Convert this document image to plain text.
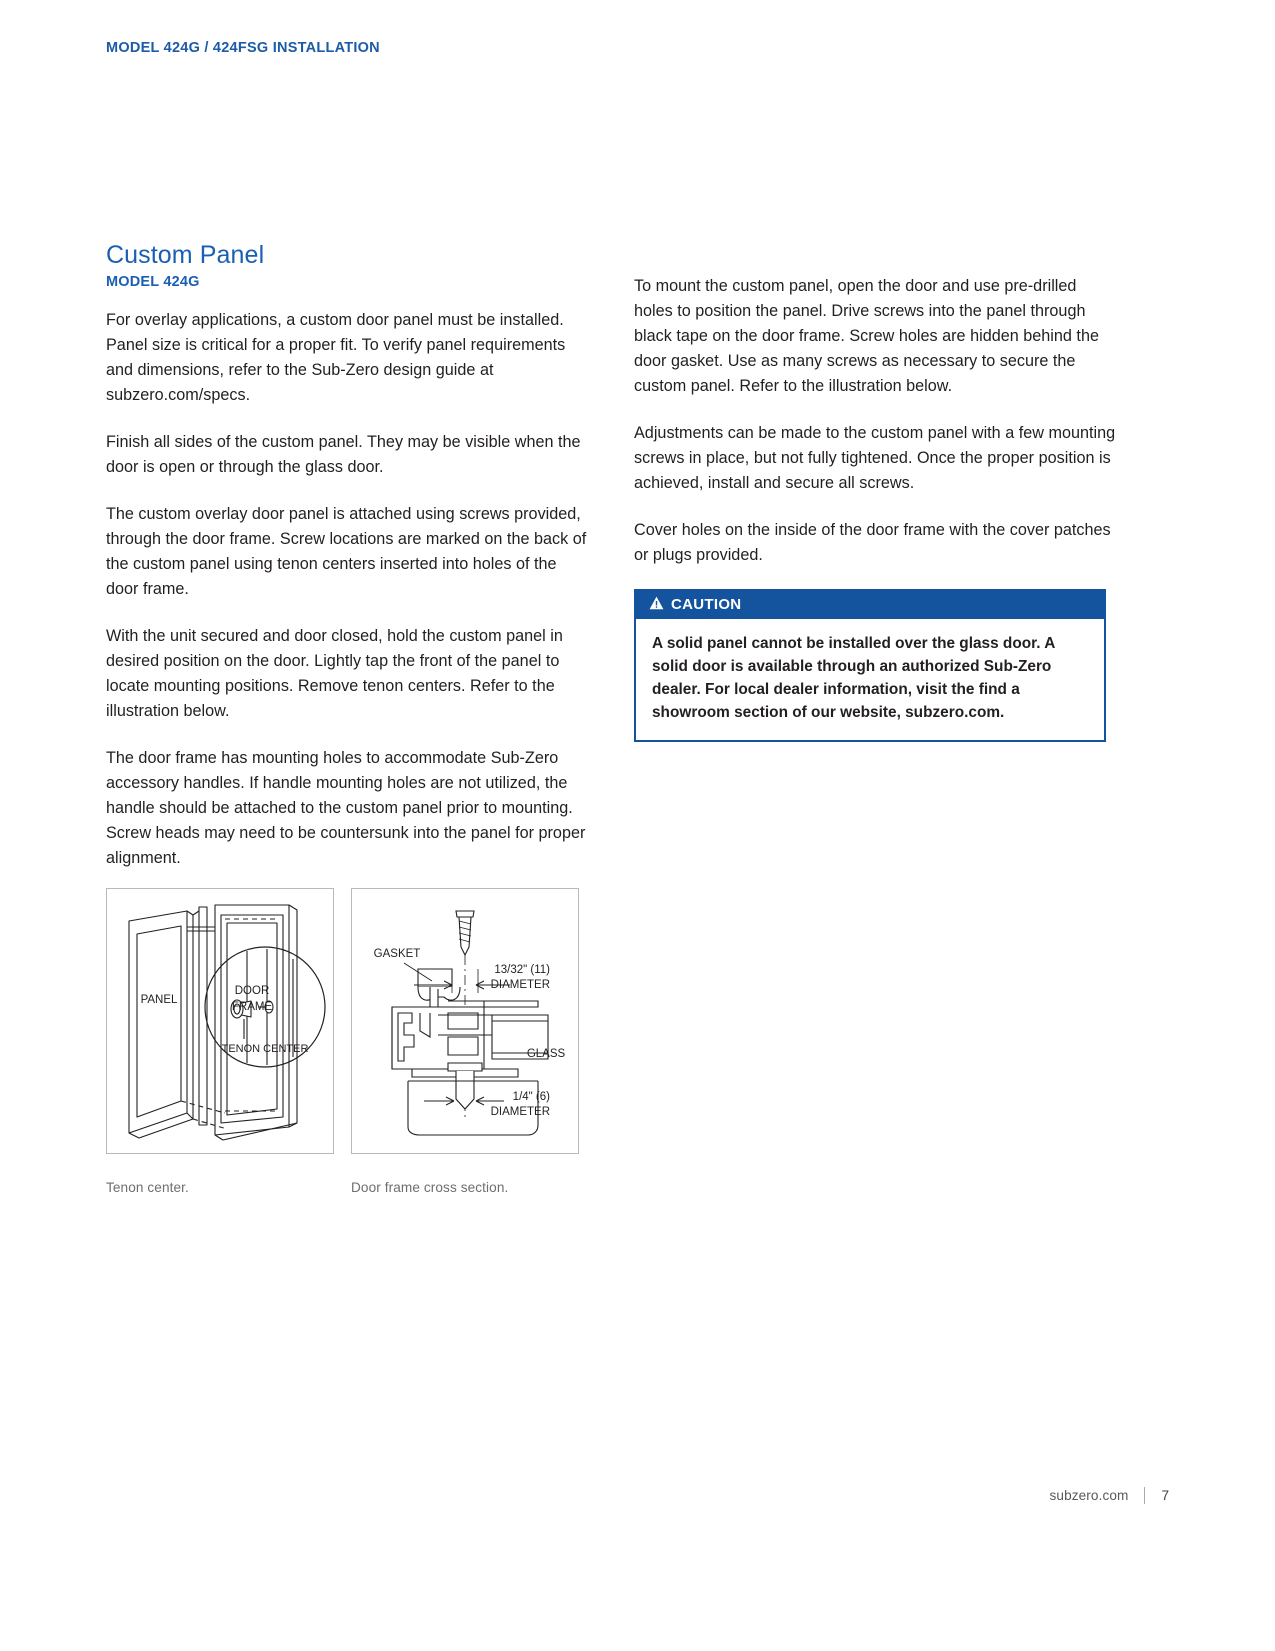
MODEL 424G / 424FSG INSTALLATION
Custom Panel
MODEL 424G

For overlay applications, a custom door panel must be installed. Panel size is critical for a proper fit. To verify panel requirements and dimensions, refer to the Sub-Zero design guide at subzero.com/specs.

Finish all sides of the custom panel. They may be visible when the door is open or through the glass door.

The custom overlay door panel is attached using screws provided, through the door frame. Screw locations are marked on the back of the custom panel using tenon centers inserted into holes of the door frame.

With the unit secured and door closed, hold the custom panel in desired position on the door. Lightly tap the front of the panel to locate mounting positions. Remove tenon centers. Refer to the illustration below.

The door frame has mounting holes to accommodate Sub-Zero accessory handles. If handle mounting holes are not utilized, the handle should be attached to the custom panel prior to mounting. Screw heads may need to be countersunk into the panel for proper alignment.

To mount the custom panel, open the door and use pre-drilled holes to position the panel. Drive screws into the panel through black tape on the door frame. Screw holes are hidden behind the door gasket. Use as many screws as necessary to secure the custom panel. Refer to the illustration below.

Adjustments can be made to the custom panel with a few mounting screws in place, but not fully tightened. Once the proper position is achieved, install and secure all screws.

Cover holes on the inside of the door frame with the cover patches or plugs provided.

CAUTION
A solid panel cannot be installed over the glass door. A solid door is available through an authorized Sub-Zero dealer. For local dealer information, visit the find a showroom section of our website, subzero.com.
PANEL
DOOR
FRAME
TENON CENTER
Tenon center.
GASKET
GLASS
13/32" (11)
DIAMETER
1/4" (6)
DIAMETER
Door frame cross section.
subzero.com 7
